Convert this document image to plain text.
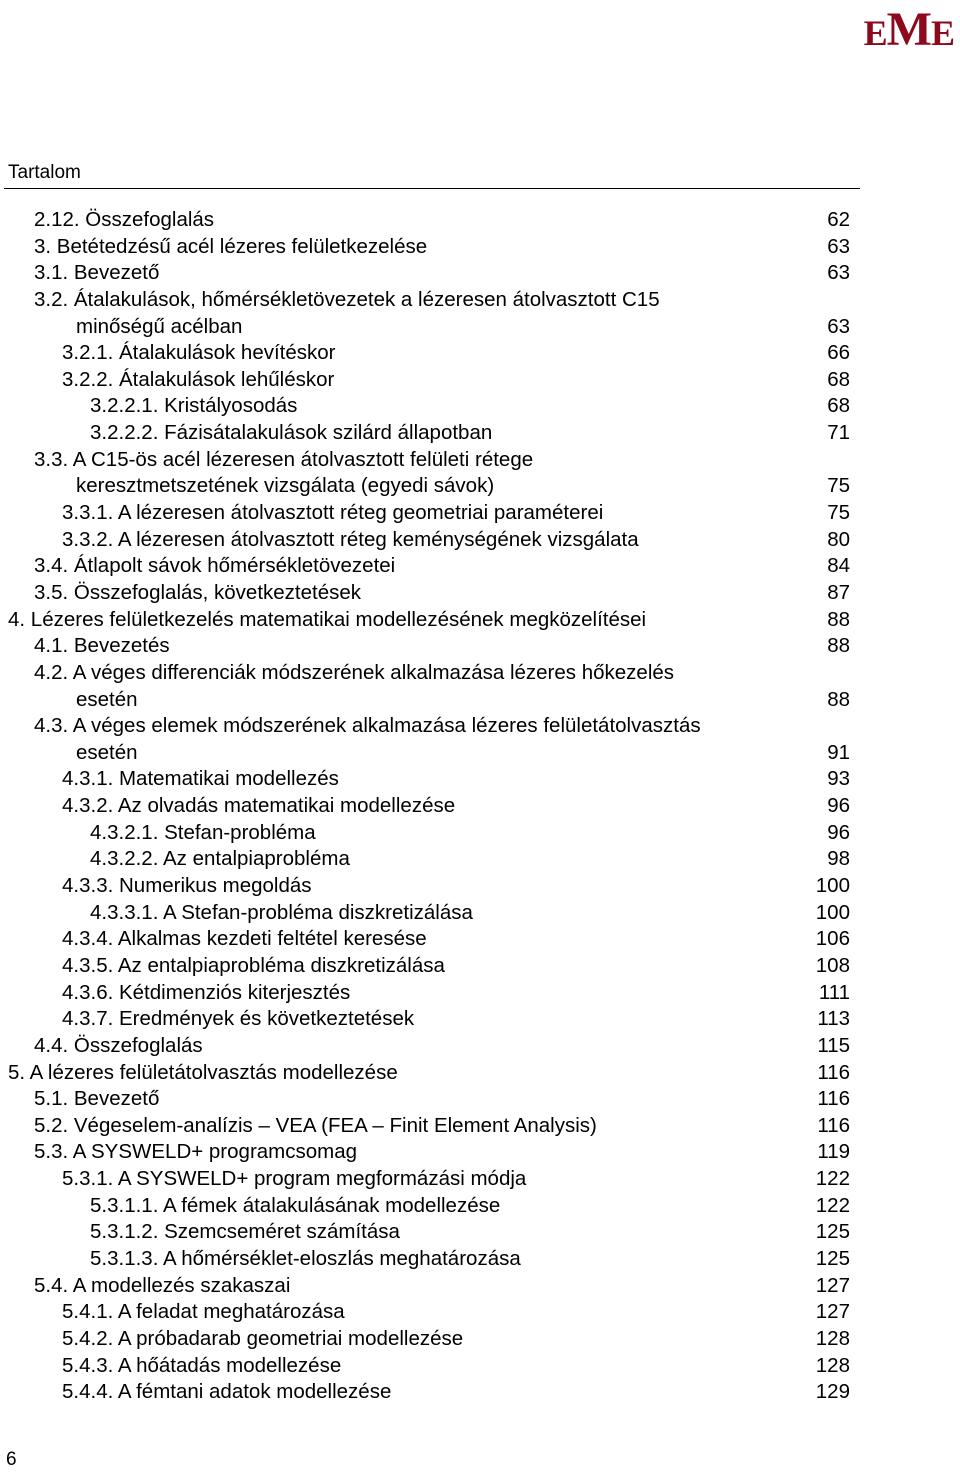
EME
Tartalom
2.12. Összefoglalás	62
3. Betétedzésű acél lézeres felületkezelése	63
3.1. Bevezető	63
3.2. Átalakulások, hőmérsékletövezetek a lézeresen átolvasztott C15
minőségű acélban	63
3.2.1. Átalakulások hevítéskor	66
3.2.2. Átalakulások lehűléskor	68
3.2.2.1. Kristályosodás	68
3.2.2.2. Fázisátalakulások szilárd állapotban	71
3.3. A C15-ös acél lézeresen átolvasztott felületi rétege
keresztmetszetének vizsgálata (egyedi sávok)	75
3.3.1. A lézeresen átolvasztott réteg geometriai paraméterei	75
3.3.2. A lézeresen átolvasztott réteg keménységének vizsgálata	80
3.4. Átlapolt sávok hőmérsékletövezetei	84
3.5. Összefoglalás, következtetések	87
4. Lézeres felületkezelés matematikai modellezésének megközelítései	88
4.1. Bevezetés	88
4.2. A véges differenciák módszerének alkalmazása lézeres hőkezelés
esetén	88
4.3. A véges elemek módszerének alkalmazása lézeres felületátolvasztás
esetén	91
4.3.1. Matematikai modellezés	93
4.3.2. Az olvadás matematikai modellezése	96
4.3.2.1. Stefan-probléma	96
4.3.2.2. Az entalpiaprobléma	98
4.3.3. Numerikus megoldás	100
4.3.3.1. A Stefan-probléma diszkretizálása	100
4.3.4. Alkalmas kezdeti feltétel keresése	106
4.3.5. Az entalpiaprobléma diszkretizálása	108
4.3.6. Kétdimenziós kiterjesztés	111
4.3.7. Eredmények és következtetések	113
4.4. Összefoglalás	115
5. A lézeres felületátolvasztás modellezése	116
5.1. Bevezető	116
5.2. Végeselem-analízis – VEA (FEA – Finit Element Analysis)	116
5.3. A SYSWELD+ programcsomag	119
5.3.1. A SYSWELD+ program megformázási módja	122
5.3.1.1. A fémek átalakulásának modellezése	122
5.3.1.2. Szemcseméret számítása	125
5.3.1.3. A hőmérséklet-eloszlás meghatározása	125
5.4. A modellezés szakaszai	127
5.4.1. A feladat meghatározása	127
5.4.2. A próbadarab geometriai modellezése	128
5.4.3. A hőátadás modellezése	128
5.4.4. A fémtani adatok modellezése	129
6
